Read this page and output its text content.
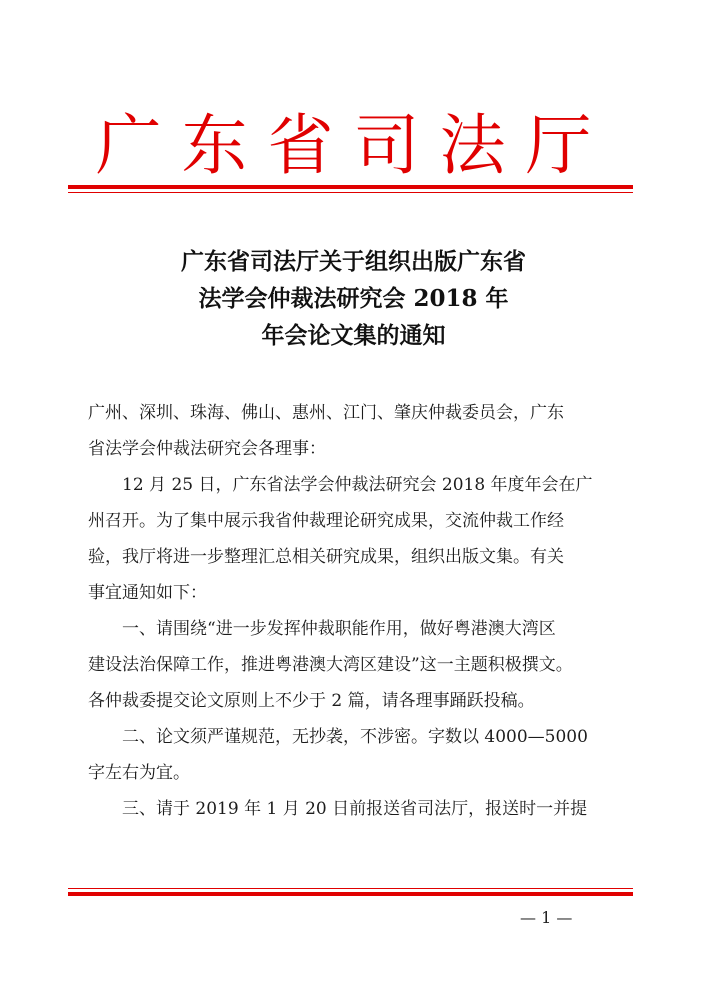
广东省司法厅
广东省司法厅关于组织出版广东省
法学会仲裁法研究会 2018 年
年会论文集的通知
广州、深圳、珠海、佛山、惠州、江门、肇庆仲裁委员会，广东
省法学会仲裁法研究会各理事：
　　12 月 25 日，广东省法学会仲裁法研究会 2018 年度年会在广
州召开。为了集中展示我省仲裁理论研究成果，交流仲裁工作经
验，我厅将进一步整理汇总相关研究成果，组织出版文集。有关
事宜通知如下：
　　一、请围绕“进一步发挥仲裁职能作用，做好粤港澳大湾区
建设法治保障工作，推进粤港澳大湾区建设”这一主题积极撰文。
各仲裁委提交论文原则上不少于 2 篇，请各理事踊跃投稿。
　　二、论文须严谨规范，无抄袭，不涉密。字数以 4000—5000
字左右为宜。
　　三、请于 2019 年 1 月 20 日前报送省司法厅，报送时一并提
— 1 —
